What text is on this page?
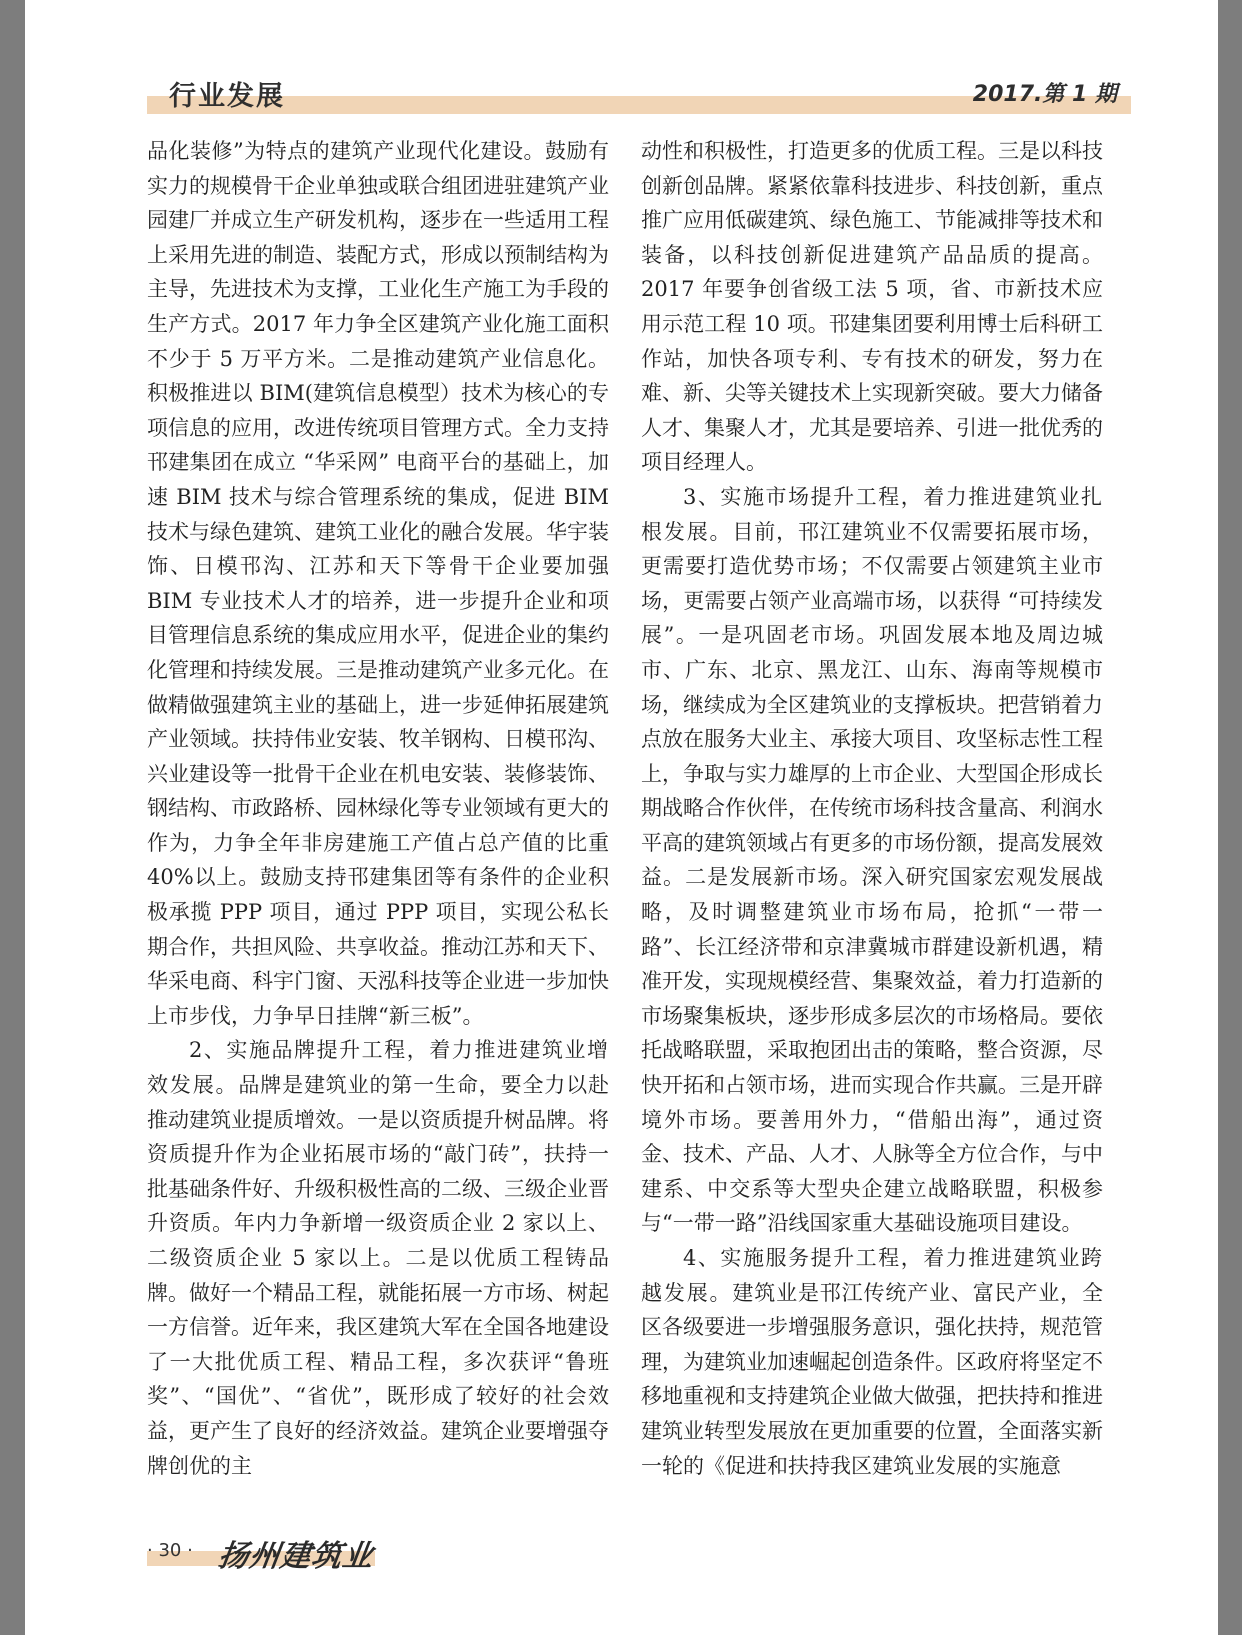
行业发展	2017.第 1 期

品化装修”为特点的建筑产业现代化建设。鼓励有实力的规模骨干企业单独或联合组团进驻建筑产业园建厂并成立生产研发机构，逐步在一些适用工程上采用先进的制造、装配方式，形成以预制结构为主导，先进技术为支撑，工业化生产施工为手段的生产方式。2017 年力争全区建筑产业化施工面积不少于 5 万平方米。二是推动建筑产业信息化。积极推进以 BIM(建筑信息模型）技术为核心的专项信息的应用，改进传统项目管理方式。全力支持邗建集团在成立 “华采网” 电商平台的基础上，加速 BIM 技术与综合管理系统的集成，促进 BIM 技术与绿色建筑、建筑工业化的融合发展。华宇装饰、日模邗沟、江苏和天下等骨干企业要加强 BIM 专业技术人才的培养，进一步提升企业和项目管理信息系统的集成应用水平，促进企业的集约化管理和持续发展。三是推动建筑产业多元化。在做精做强建筑主业的基础上，进一步延伸拓展建筑产业领域。扶持伟业安装、牧羊钢构、日模邗沟、兴业建设等一批骨干企业在机电安装、装修装饰、钢结构、市政路桥、园林绿化等专业领域有更大的作为，力争全年非房建施工产值占总产值的比重 40%以上。鼓励支持邗建集团等有条件的企业积极承揽 PPP 项目，通过 PPP 项目，实现公私长期合作，共担风险、共享收益。推动江苏和天下、华采电商、科宇门窗、天泓科技等企业进一步加快上市步伐，力争早日挂牌“新三板”。

2、实施品牌提升工程，着力推进建筑业增效发展。品牌是建筑业的第一生命，要全力以赴推动建筑业提质增效。一是以资质提升树品牌。将资质提升作为企业拓展市场的“敲门砖”，扶持一批基础条件好、升级积极性高的二级、三级企业晋升资质。年内力争新增一级资质企业 2 家以上、二级资质企业 5 家以上。二是以优质工程铸品牌。做好一个精品工程，就能拓展一方市场、树起一方信誉。近年来，我区建筑大军在全国各地建设了一大批优质工程、精品工程，多次获评“鲁班奖”、“国优”、“省优”，既形成了较好的社会效益，更产生了良好的经济效益。建筑企业要增强夺牌创优的主

动性和积极性，打造更多的优质工程。三是以科技创新创品牌。紧紧依靠科技进步、科技创新，重点推广应用低碳建筑、绿色施工、节能减排等技术和装备，以科技创新促进建筑产品品质的提高。2017 年要争创省级工法 5 项，省、市新技术应用示范工程 10 项。邗建集团要利用博士后科研工作站，加快各项专利、专有技术的研发，努力在难、新、尖等关键技术上实现新突破。要大力储备人才、集聚人才，尤其是要培养、引进一批优秀的项目经理人。

3、实施市场提升工程，着力推进建筑业扎根发展。目前，邗江建筑业不仅需要拓展市场，更需要打造优势市场；不仅需要占领建筑主业市场，更需要占领产业高端市场，以获得 “可持续发展”。一是巩固老市场。巩固发展本地及周边城市、广东、北京、黑龙江、山东、海南等规模市场，继续成为全区建筑业的支撑板块。把营销着力点放在服务大业主、承接大项目、攻坚标志性工程上，争取与实力雄厚的上市企业、大型国企形成长期战略合作伙伴，在传统市场科技含量高、利润水平高的建筑领域占有更多的市场份额，提高发展效益。二是发展新市场。深入研究国家宏观发展战略，及时调整建筑业市场布局，抢抓“一带一路”、长江经济带和京津冀城市群建设新机遇，精准开发，实现规模经营、集聚效益，着力打造新的市场聚集板块，逐步形成多层次的市场格局。要依托战略联盟，采取抱团出击的策略，整合资源，尽快开拓和占领市场，进而实现合作共赢。三是开辟境外市场。要善用外力，“借船出海”，通过资金、技术、产品、人才、人脉等全方位合作，与中建系、中交系等大型央企建立战略联盟，积极参与“一带一路”沿线国家重大基础设施项目建设。

4、实施服务提升工程，着力推进建筑业跨越发展。建筑业是邗江传统产业、富民产业，全区各级要进一步增强服务意识，强化扶持，规范管理，为建筑业加速崛起创造条件。区政府将坚定不移地重视和支持建筑企业做大做强，把扶持和推进建筑业转型发展放在更加重要的位置，全面落实新一轮的《促进和扶持我区建筑业发展的实施意

· 30 · 扬州建筑业
